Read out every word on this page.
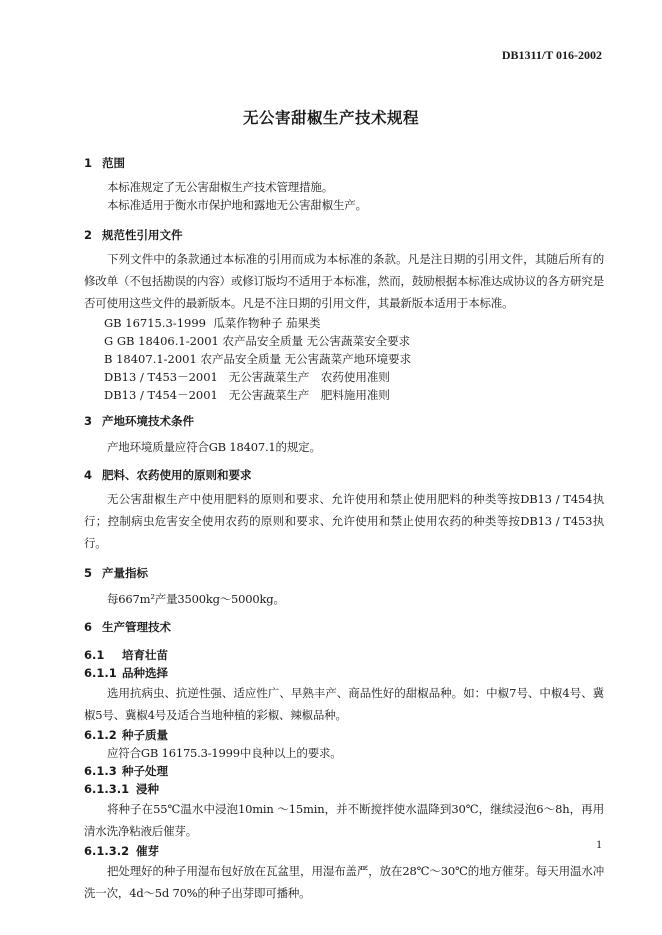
DB1311/T 016-2002
无公害甜椒生产技术规程
1 范围
本标准规定了无公害甜椒生产技术管理措施。
本标准适用于衡水市保护地和露地无公害甜椒生产。
2 规范性引用文件
下列文件中的条款通过本标准的引用而成为本标准的条款。凡是注日期的引用文件，其随后所有的修改单（不包括勘误的内容）或修订版均不适用于本标准，然而，鼓励根据本标准达成协议的各方研究是否可使用这些文件的最新版本。凡是不注日期的引用文件，其最新版本适用于本标准。
GB 16715.3-1999 瓜菜作物种子 茄果类
G GB 18406.1-2001 农产品安全质量 无公害蔬菜安全要求
B 18407.1-2001 农产品安全质量 无公害蔬菜产地环境要求
DB13 / T453－2001 无公害蔬菜生产　农药使用准则
DB13 / T454－2001 无公害蔬菜生产　肥料施用准则
3 产地环境技术条件
产地环境质量应符合GB 18407.1的规定。
4 肥料、农药使用的原则和要求
无公害甜椒生产中使用肥料的原则和要求、允许使用和禁止使用肥料的种类等按DB13 / T454执行；控制病虫危害安全使用农药的原则和要求、允许使用和禁止使用农药的种类等按DB13 / T453执行。
5 产量指标
每667m²产量3500kg～5000kg。
6 生产管理技术
6.1 培育壮苗
6.1.1 品种选择
选用抗病虫、抗逆性强、适应性广、早熟丰产、商品性好的甜椒品种。如：中椒7号、中椒4号、冀椒5号、冀椒4号及适合当地种植的彩椒、辣椒品种。
6.1.2 种子质量
应符合GB 16175.3-1999中良种以上的要求。
6.1.3 种子处理
6.1.3.1 浸种
将种子在55℃温水中浸泡10min ～15min，并不断搅拌使水温降到30℃，继续浸泡6～8h，再用清水洗净粘液后催芽。
6.1.3.2 催芽
把处理好的种子用湿布包好放在瓦盆里，用湿布盖严，放在28℃～30℃的地方催芽。每天用温水冲洗一次，4d～5d 70%的种子出芽即可播种。
1
